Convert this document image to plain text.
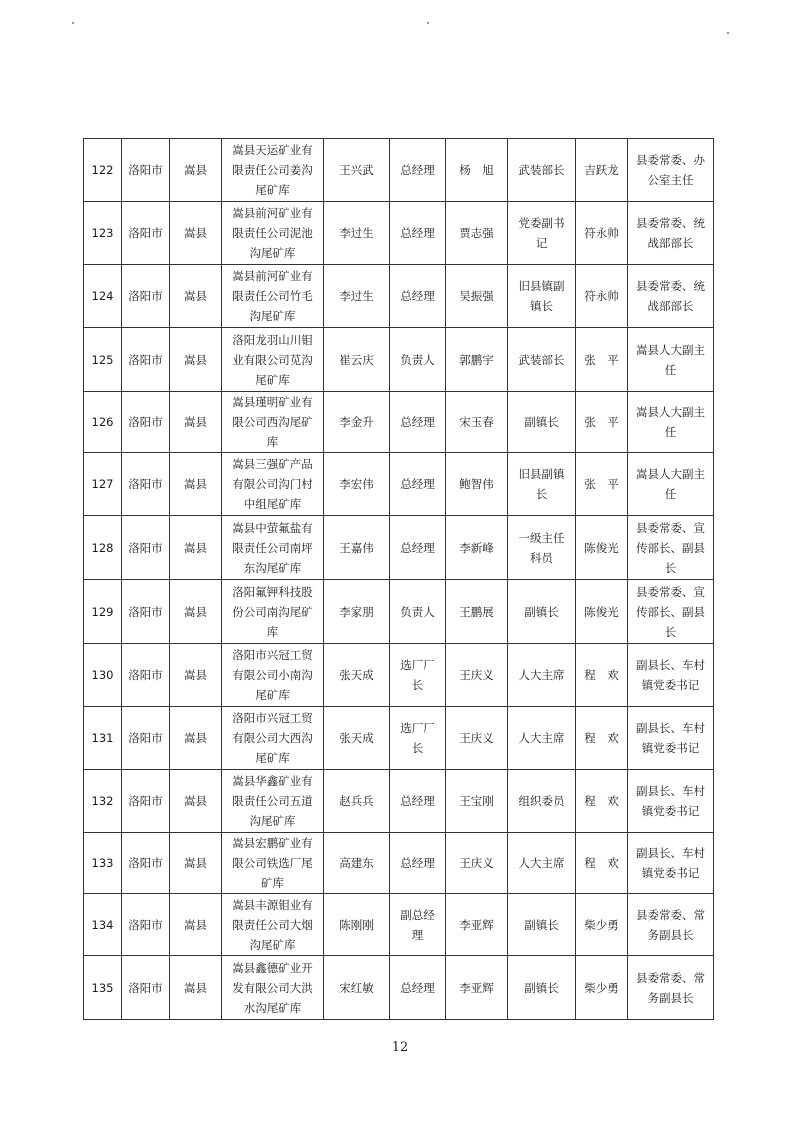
122	洛阳市	嵩县	嵩县天运矿业有限责任公司姜沟尾矿库	王兴武	总经理	杨　旭	武装部长	吉跃龙	县委常委、办公室主任
123	洛阳市	嵩县	嵩县前河矿业有限责任公司泥池沟尾矿库	李过生	总经理	贾志强	党委副书记	符永帅	县委常委、统战部部长
124	洛阳市	嵩县	嵩县前河矿业有限责任公司竹毛沟尾矿库	李过生	总经理	吴振强	旧县镇副镇长	符永帅	县委常委、统战部部长
125	洛阳市	嵩县	洛阳龙羽山川钼业有限公司苋沟尾矿库	崔云庆	负责人	郭鹏宇	武装部长	张　平	嵩县人大副主任
126	洛阳市	嵩县	嵩县瑾明矿业有限公司西沟尾矿库	李金升	总经理	宋玉春	副镇长	张　平	嵩县人大副主任
127	洛阳市	嵩县	嵩县三强矿产品有限公司沟门村中组尾矿库	李宏伟	总经理	鲍智伟	旧县副镇长	张　平	嵩县人大副主任
128	洛阳市	嵩县	嵩县中萤氟盐有限责任公司南坪东沟尾矿库	王嘉伟	总经理	李新峰	一级主任科员	陈俊光	县委常委、宣传部长、副县长
129	洛阳市	嵩县	洛阳氟钾科技股份公司南沟尾矿库	李家朋	负责人	王鹏展	副镇长	陈俊光	县委常委、宣传部长、副县长
130	洛阳市	嵩县	洛阳市兴冠工贸有限公司小南沟尾矿库	张天成	选厂厂长	王庆义	人大主席	程　欢	副县长、车村镇党委书记
131	洛阳市	嵩县	洛阳市兴冠工贸有限公司大西沟尾矿库	张天成	选厂厂长	王庆义	人大主席	程　欢	副县长、车村镇党委书记
132	洛阳市	嵩县	嵩县华鑫矿业有限责任公司五道沟尾矿库	赵兵兵	总经理	王宝刚	组织委员	程　欢	副县长、车村镇党委书记
133	洛阳市	嵩县	嵩县宏鹏矿业有限公司铁选厂尾矿库	高建东	总经理	王庆义	人大主席	程　欢	副县长、车村镇党委书记
134	洛阳市	嵩县	嵩县丰源钼业有限责任公司大烟沟尾矿库	陈刚刚	副总经理	李亚辉	副镇长	柴少勇	县委常委、常务副县长
135	洛阳市	嵩县	嵩县鑫德矿业开发有限公司大洪水沟尾矿库	宋红敏	总经理	李亚辉	副镇长	柴少勇	县委常委、常务副县长
12
